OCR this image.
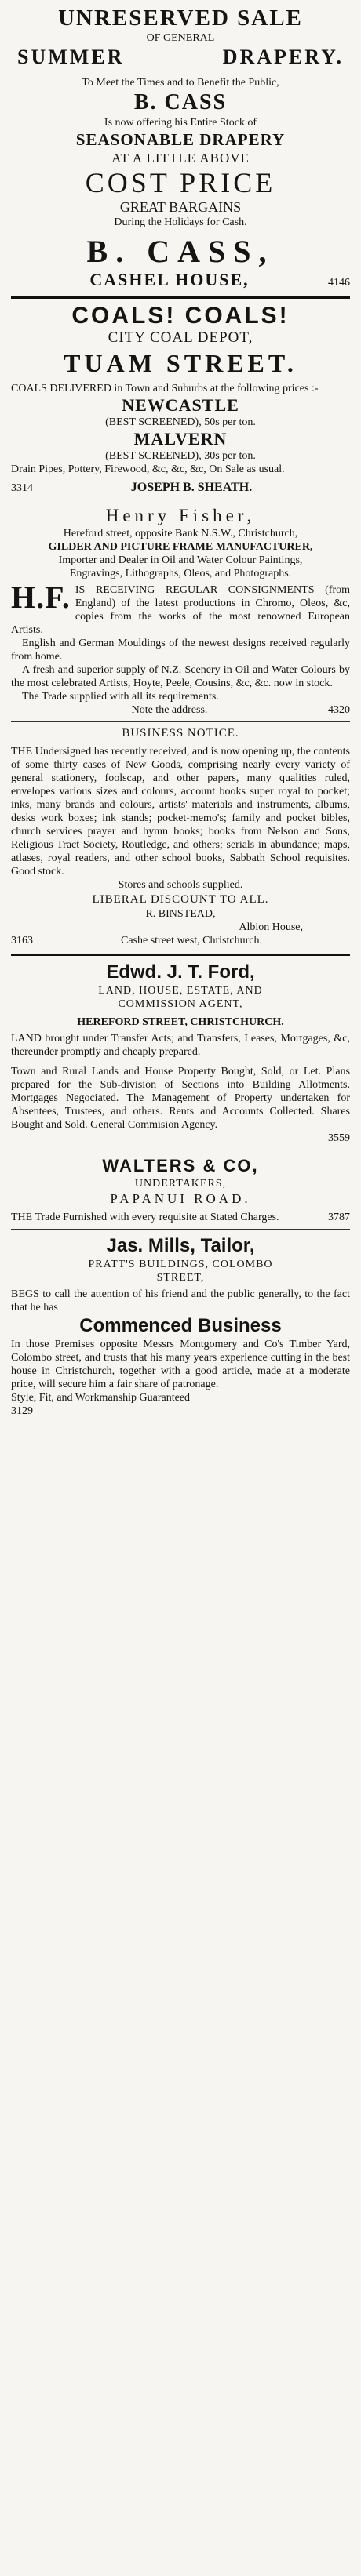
UNRESERVED SALE
OF GENERAL
SUMMER	DRAPERY.
To Meet the Times and to Benefit the Public,
B. CASS
Is now offering his Entire Stock of
SEASONABLE DRAPERY
AT A LITTLE ABOVE
COST PRICE
GREAT BARGAINS
During the Holidays for Cash.
B. CASS,
CASHEL HOUSE,	4146
COALS! COALS!
CITY COAL DEPOT,
TUAM STREET.
COALS DELIVERED in Town and Suburbs at the following prices :-
NEWCASTLE
(BEST SCREENED), 50s per ton.
MALVERN
(BEST SCREENED), 30s per ton.
Drain Pipes, Pottery, Firewood, &c, &c, &c, On Sale as usual.
3314	JOSEPH B. SHEATH.
Henry Fisher,
Hereford street, opposite Bank N.S.W., Christchurch,
GILDER AND PICTURE FRAME MANUFACTURER,
Importer and Dealer in Oil and Water Colour Paintings,
Engravings, Lithographs, Oleos, and Photographs.
H.F. IS RECEIVING REGULAR CONSIGNMENTS (from England) of the latest productions in Chromo, Oleos, &c, copies from the works of the most renowned European Artists.
English and German Mouldings of the newest designs received regularly from home.
A fresh and superior supply of N.Z. Scenery in Oil and Water Colours by the most celebrated Artists, Hoyte, Peele, Cousins, &c, &c. now in stock.
The Trade supplied with all its requirements.
Note the address.	4320
BUSINESS NOTICE.
THE Undersigned has recently received, and is now opening up, the contents of some thirty cases of New Goods, comprising nearly every variety of general stationery, foolscap, and other papers, many qualities ruled, envelopes various sizes and colours, account books super royal to pocket; inks, many brands and colours, artists' materials and instruments, albums, desks work boxes; ink stands; pocket-memo's; family and pocket bibles, church services prayer and hymn books; books from Nelson and Sons, Religious Tract Society, Routledge, and others; serials in abundance; maps, atlases, royal readers, and other school books, Sabbath School requisites. Good stock.
Stores and schools supplied.
LIBERAL DISCOUNT TO ALL.
R. BINSTEAD,
Albion House,
3163	Cashe street west, Christchurch.
Edwd. J. T. Ford,
LAND, HOUSE, ESTATE, AND
COMMISSION AGENT,
HEREFORD STREET, CHRISTCHURCH.
LAND brought under Transfer Acts; and Transfers, Leases, Mortgages, &c, thereunder promptly and cheaply prepared.
Town and Rural Lands and House Property Bought, Sold, or Let. Plans prepared for the Sub-division of Sections into Building Allotments. Mortgages Negociated. The Management of Property undertaken for Absentees, Trustees, and others. Rents and Accounts Collected. Shares Bought and Sold. General Commision Agency.
3559
WALTERS & CO,
UNDERTAKERS,
PAPANUI ROAD.
THE Trade Furnished with every requisite at Stated Charges.	3787
Jas. Mills, Tailor,
PRATT'S BUILDINGS, COLOMBO
STREET,
BEGS to call the attention of his friend and the public generally, to the fact that he has
Commenced Business
In those Premises opposite Messrs Montgomery and Co's Timber Yard, Colombo street, and trusts that his many years experience cutting in the best house in Christchurch, together with a good article, made at a moderate price, will secure him a fair share of patronage.
Style, Fit, and Workmanship Guaranteed
3129
